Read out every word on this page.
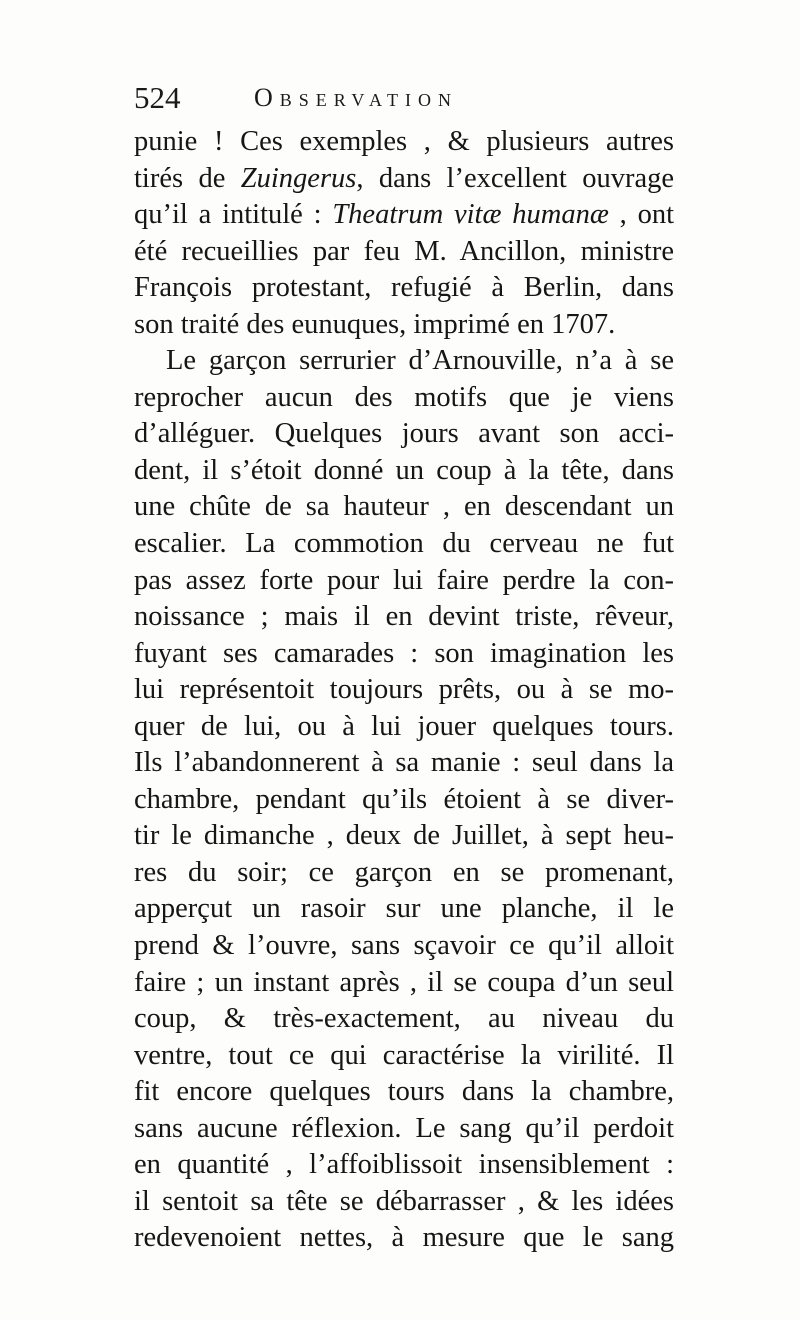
524	Observation
punie ! Ces exemples , & plusieurs autres
tirés de Zuingerus, dans l’excellent ouvrage
qu’il a intitulé : Theatrum vitæ humanæ , ont
été recueillies par feu M. Ancillon, ministre
François protestant, refugié à Berlin, dans
son traité des eunuques, imprimé en 1707.
Le garçon serrurier d’Arnouville, n’a à se
reprocher aucun des motifs que je viens
d’alléguer. Quelques jours avant son acci-
dent, il s’étoit donné un coup à la tête, dans
une chûte de sa hauteur , en descendant un
escalier. La commotion du cerveau ne fut
pas assez forte pour lui faire perdre la con-
noissance ; mais il en devint triste, rêveur,
fuyant ses camarades : son imagination les
lui représentoit toujours prêts, ou à se mo-
quer de lui, ou à lui jouer quelques tours.
Ils l’abandonnerent à sa manie : seul dans la
chambre, pendant qu’ils étoient à se diver-
tir le dimanche , deux de Juillet, à sept heu-
res du soir; ce garçon en se promenant,
apperçut un rasoir sur une planche, il le
prend & l’ouvre, sans sçavoir ce qu’il alloit
faire ; un instant après , il se coupa d’un seul
coup, & très-exactement, au niveau du
ventre, tout ce qui caractérise la virilité. Il
fit encore quelques tours dans la chambre,
sans aucune réflexion. Le sang qu’il perdoit
en quantité , l’affoiblissoit insensiblement :
il sentoit sa tête se débarrasser , & les idées
redevenoient nettes, à mesure que le sang
